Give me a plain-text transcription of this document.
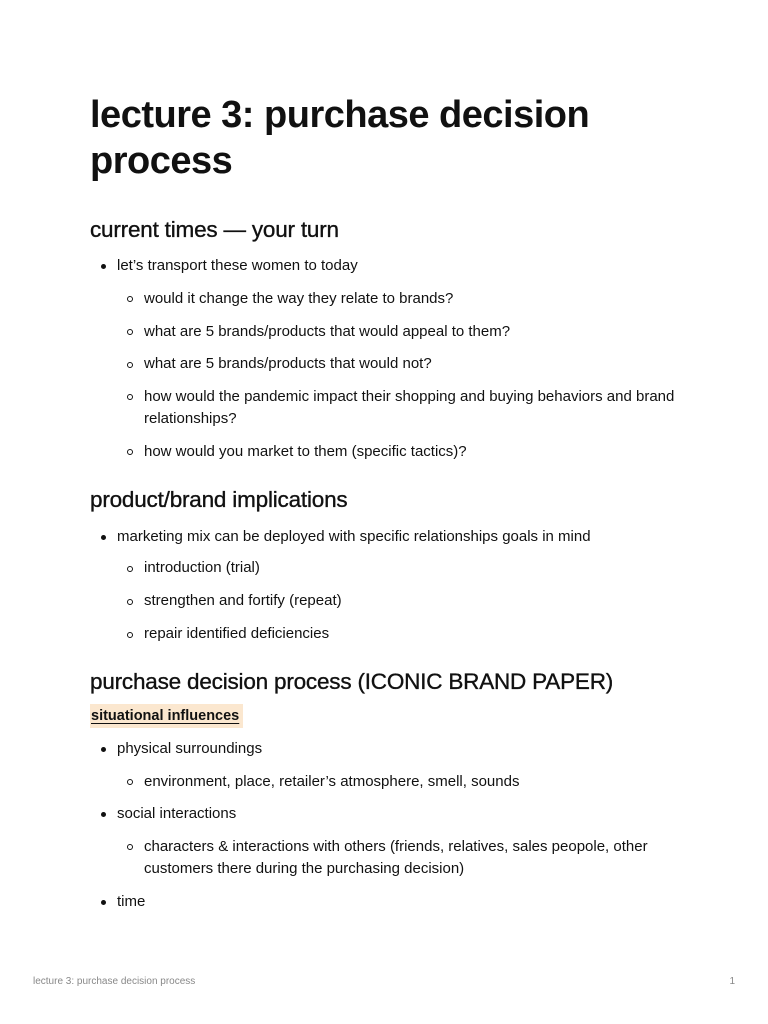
lecture 3: purchase decision process
current times — your turn

let’s transport these women to today

would it change the way they relate to brands?

what are 5 brands/products that would appeal to them?

what are 5 brands/products that would not?

how would the pandemic impact their shopping and buying behaviors and brand relationships?

how would you market to them (specific tactics)?

product/brand implications

marketing mix can be deployed with specific relationships goals in mind

introduction (trial)

strengthen and fortify (repeat)

repair identified deficiencies

purchase decision process (ICONIC BRAND PAPER)
situational influences

physical surroundings

environment, place, retailer’s atmosphere, smell, sounds

social interactions

characters & interactions with others (friends, relatives, sales peopole, other customers there during the purchasing decision)

time

lecture 3: purchase decision process	1
